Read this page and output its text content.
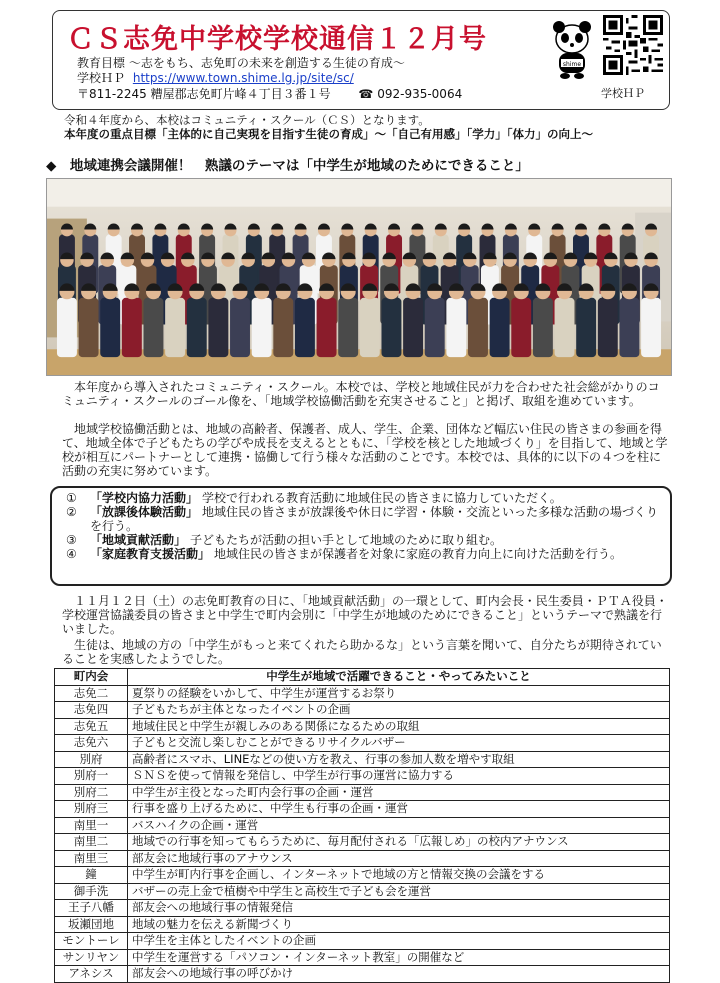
ＣＳ志免中学校学校通信１２月号
教育目標 〜志をもち、志免町の未来を創造する生徒の育成〜
学校ＨＰ https://www.town.shime.lg.jp/site/sc/
〒811-2245 糟屋郡志免町片峰４丁目３番１号 ☎ 092-935-0064	学校ＨＰ
shime
令和４年度から、本校はコミュニティ・スクール（ＣＳ）となります。
本年度の重点目標「主体的に自己実現を目指す生徒の育成」〜「自己有用感」「学力」「体力」の向上〜
◆　地域連携会議開催！　熟議のテーマは「中学生が地域のためにできること」
本年度から導入されたコミュニティ・スクール。本校では、学校と地域住民が力を合わせた社会総がかりのコミュニティ・スクールのゴール像を、「地域学校協働活動を充実させること」と掲げ、取組を進めています。
地域学校協働活動とは、地域の高齢者、保護者、成人、学生、企業、団体など幅広い住民の皆さまの参画を得て、地域全体で子どもたちの学びや成長を支えるとともに、「学校を核とした地域づくり」を目指して、地域と学校が相互にパートナーとして連携・協働して行う様々な活動のことです。本校では、具体的に以下の４つを柱に活動の充実に努めています。
① 「学校内協力活動」 学校で行われる教育活動に地域住民の皆さまに協力していただく。
② 「放課後体験活動」 地域住民の皆さまが放課後や休日に学習・体験・交流といった多様な活動の場づくりを行う。
③ 「地域貢献活動」 子どもたちが活動の担い手として地域のために取り組む。
④ 「家庭教育支援活動」 地域住民の皆さまが保護者を対象に家庭の教育力向上に向けた活動を行う。
１１月１２日（土）の志免町教育の日に、「地域貢献活動」の一環として、町内会長・民生委員・ＰＴＡ役員・学校運営協議委員の皆さまと中学生で町内会別に「中学生が地域のためにできること」というテーマで熟議を行いました。
生徒は、地域の方の「中学生がもっと来てくれたら助かるな」という言葉を聞いて、自分たちが期待されていることを実感したようでした。
町内会	中学生が地域で活躍できること・やってみたいこと
志免二	夏祭りの経験をいかして、中学生が運営するお祭り
志免四	子どもたちが主体となったイベントの企画
志免五	地域住民と中学生が親しみのある関係になるための取組
志免六	子どもと交流し楽しむことができるリサイクルバザー
別府	高齢者にスマホ、LINEなどの使い方を教え、行事の参加人数を増やす取組
別府一	ＳＮＳを使って情報を発信し、中学生が行事の運営に協力する
別府二	中学生が主役となった町内会行事の企画・運営
別府三	行事を盛り上げるために、中学生も行事の企画・運営
南里一	バスハイクの企画・運営
南里二	地域での行事を知ってもらうために、毎月配付される「広報しめ」の校内アナウンス
南里三	部友会に地域行事のアナウンス
鐘	中学生が町内行事を企画し、インターネットで地域の方と情報交換の会議をする
御手洗	バザーの売上金で植樹や中学生と高校生で子ども会を運営
王子八幡	部友会への地域行事の情報発信
坂瀬団地	地域の魅力を伝える新聞づくり
モントーレ	中学生を主体としたイベントの企画
サンリヤン	中学生を運営する「パソコン・インターネット教室」の開催など
アネシス	部友会への地域行事の呼びかけ
